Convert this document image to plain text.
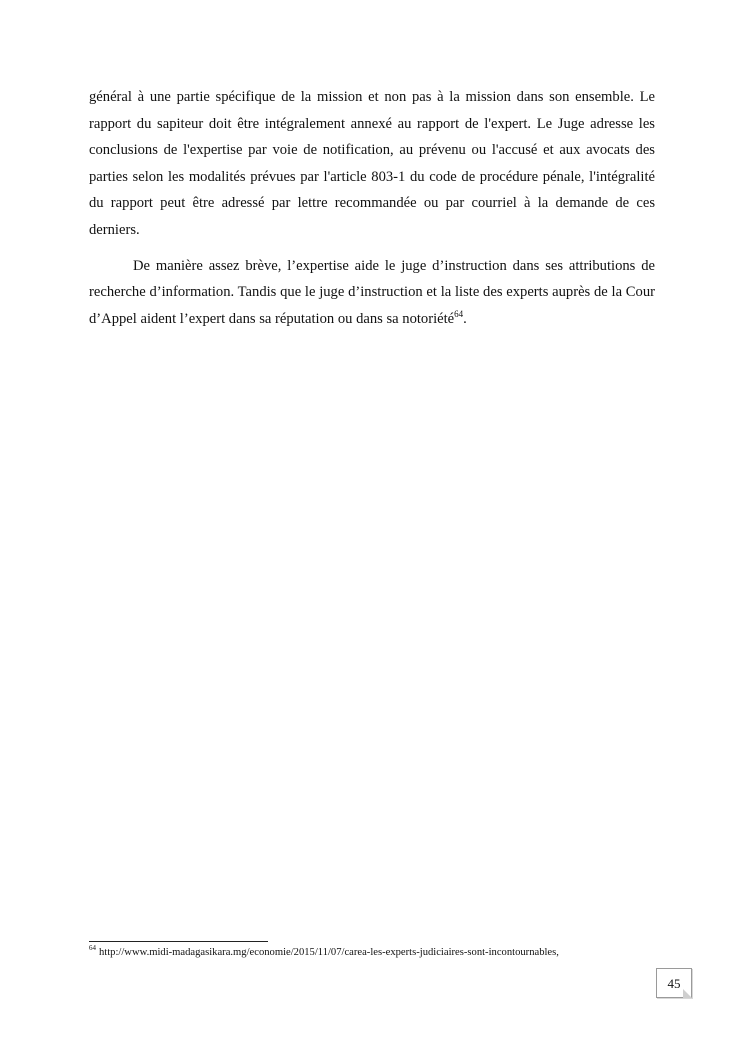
général à une partie spécifique de la mission et non pas à la mission dans son ensemble. Le rapport du sapiteur doit être intégralement annexé au rapport de l'expert. Le Juge adresse les conclusions de l'expertise par voie de notification, au prévenu ou l'accusé et aux avocats des parties selon les modalités prévues par l'article 803-1 du code de procédure pénale, l'intégralité du rapport peut être adressé par lettre recommandée ou par courriel à la demande de ces derniers.

De manière assez brève, l’expertise aide le juge d’instruction dans ses attributions de recherche d’information. Tandis que le juge d’instruction et la liste des experts auprès de la Cour d’Appel aident l’expert dans sa réputation ou dans sa notoriété$^{64}$.

$^{64}$ http://www.midi-madagasikara.mg/economie/2015/11/07/carea-les-experts-judiciaires-sont-incontournables,
45
